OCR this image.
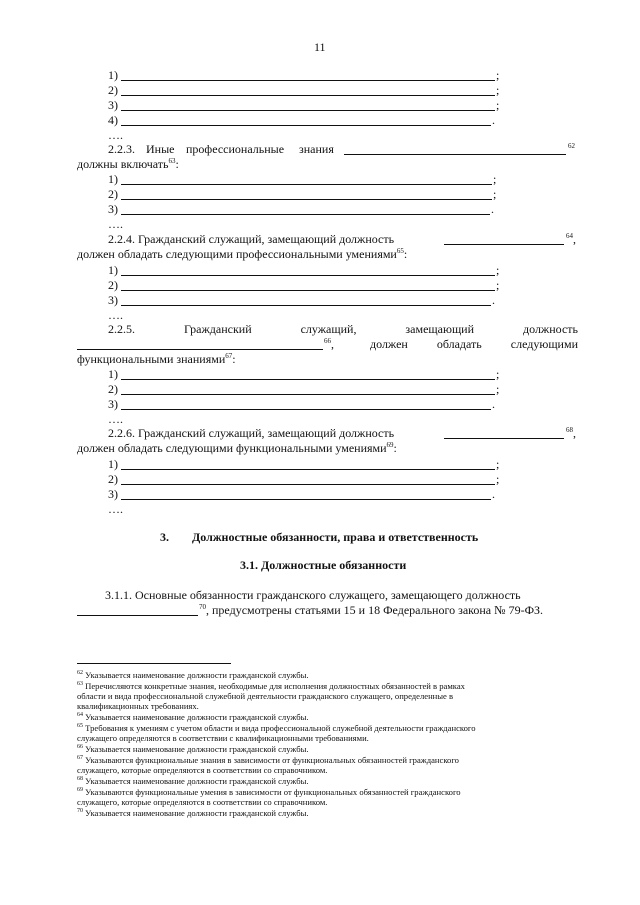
11
1)	;
2)	;
3)	;
4)	.
….
2.2.3. Иные профессиональные знания	$^{62}$
должны включать$^{63}$:
1)	;
2)	;
3)	.
….
2.2.4. Гражданский служащий, замещающий должность	$^{64}$,
должен обладать следующими профессиональными умениями$^{65}$:
1)	;
2)	;
3)	.
….
2.2.5.	Гражданский	служащий,	замещающий	должность
$^{66}$,	должен обладать следующими
функциональными знаниями$^{67}$:
1)	;
2)	;
3)	.
….
2.2.6. Гражданский служащий, замещающий должность	$^{68}$,
должен обладать следующими функциональными умениями$^{69}$:
1)	;
2)	;
3)	.
….
3. Должностные обязанности, права и ответственность
3.1. Должностные обязанности
3.1.1. Основные обязанности гражданского служащего, замещающего должность
$^{70}$, предусмотрены статьями 15 и 18 Федерального закона № 79-ФЗ.
$^{62}$ Указывается наименование должности гражданской службы.
$^{63}$ Перечисляются конкретные знания, необходимые для исполнения должностных обязанностей в рамках
области и вида профессиональной служебной деятельности гражданского служащего, определенные в
квалификационных требованиях.
$^{64}$ Указывается наименование должности гражданской службы.
$^{65}$ Требования к умениям с учетом области и вида профессиональной служебной деятельности гражданского
служащего определяются в соответствии с квалификационными требованиями.
$^{66}$ Указывается наименование должности гражданской службы.
$^{67}$ Указываются функциональные знания в зависимости от функциональных обязанностей гражданского
служащего, которые определяются в соответствии со справочником.
$^{68}$ Указывается наименование должности гражданской службы.
$^{69}$ Указываются функциональные умения в зависимости от функциональных обязанностей гражданского
служащего, которые определяются в соответствии со справочником.
$^{70}$ Указывается наименование должности гражданской службы.
